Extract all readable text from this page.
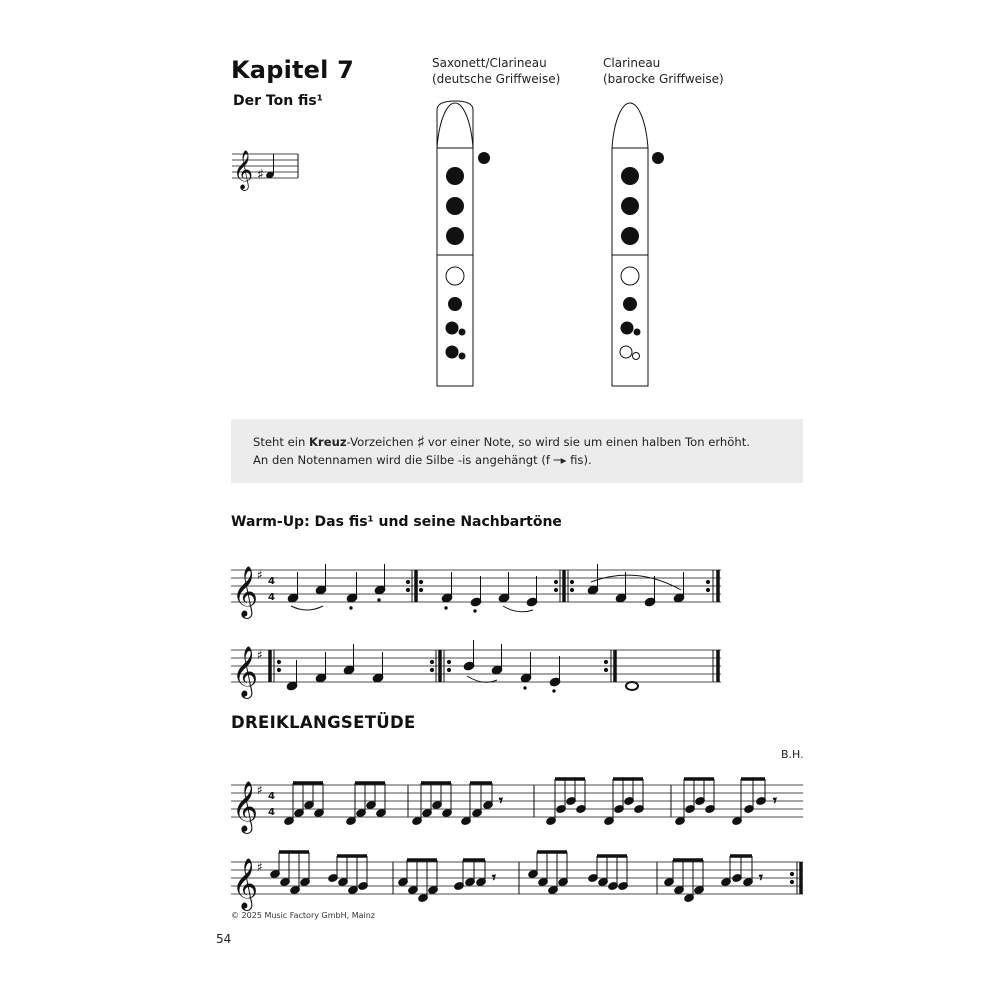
Kapitel 7
Der Ton fis¹
𝄞 ♯
Saxonett/Clarineau
(deutsche Griffweise)
Clarineau
(barocke Griffweise)
Steht ein Kreuz-Vorzeichen ♯ vor einer Note, so wird sie um einen halben Ton erhöht.
An den Notennamen wird die Silbe -is angehängt (f ─▸ fis).
Warm-Up: Das fis¹ und seine Nachbartöne
𝄞
♯ 4
4
𝄞
♯
DREIKLANGSETÜDE
B.H.
𝄞
♯ 4
4
𝄾	𝄾
𝄞
♯
𝄾	𝄾
© 2025 Music Factory GmbH, Mainz
54
